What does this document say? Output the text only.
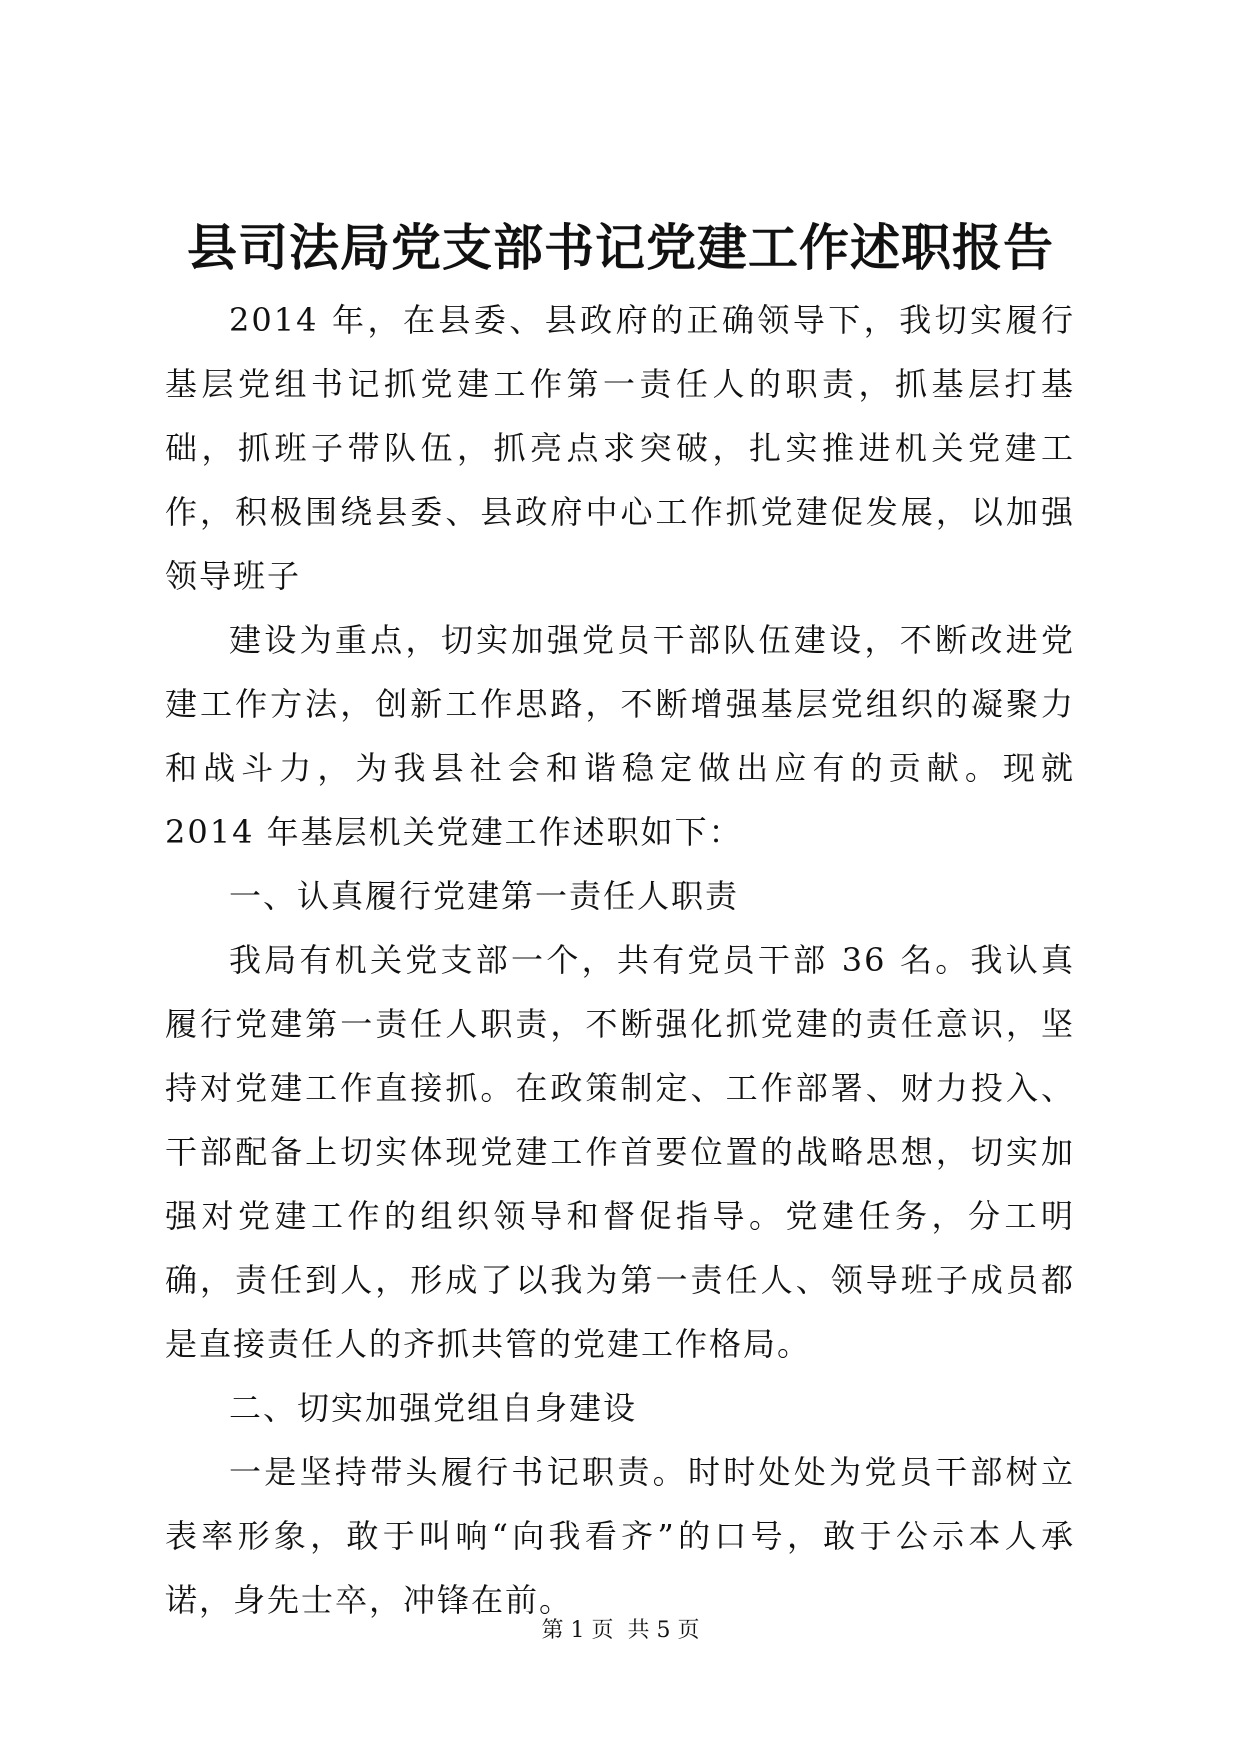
县司法局党支部书记党建工作述职报告

2014 年，在县委、县政府的正确领导下，我切实履行基层党组书记抓党建工作第一责任人的职责，抓基层打基础，抓班子带队伍，抓亮点求突破，扎实推进机关党建工作，积极围绕县委、县政府中心工作抓党建促发展，以加强领导班子

建设为重点，切实加强党员干部队伍建设，不断改进党建工作方法，创新工作思路，不断增强基层党组织的凝聚力和战斗力，为我县社会和谐稳定做出应有的贡献。现就 2014 年基层机关党建工作述职如下：

一、认真履行党建第一责任人职责

我局有机关党支部一个，共有党员干部 36 名。我认真履行党建第一责任人职责，不断强化抓党建的责任意识，坚持对党建工作直接抓。在政策制定、工作部署、财力投入、干部配备上切实体现党建工作首要位置的战略思想，切实加强对党建工作的组织领导和督促指导。党建任务，分工明确，责任到人，形成了以我为第一责任人、领导班子成员都是直接责任人的齐抓共管的党建工作格局。

二、切实加强党组自身建设

一是坚持带头履行书记职责。时时处处为党员干部树立表率形象，敢于叫响“向我看齐”的口号，敢于公示本人承诺，身先士卒，冲锋在前。

第 1 页  共 5 页
